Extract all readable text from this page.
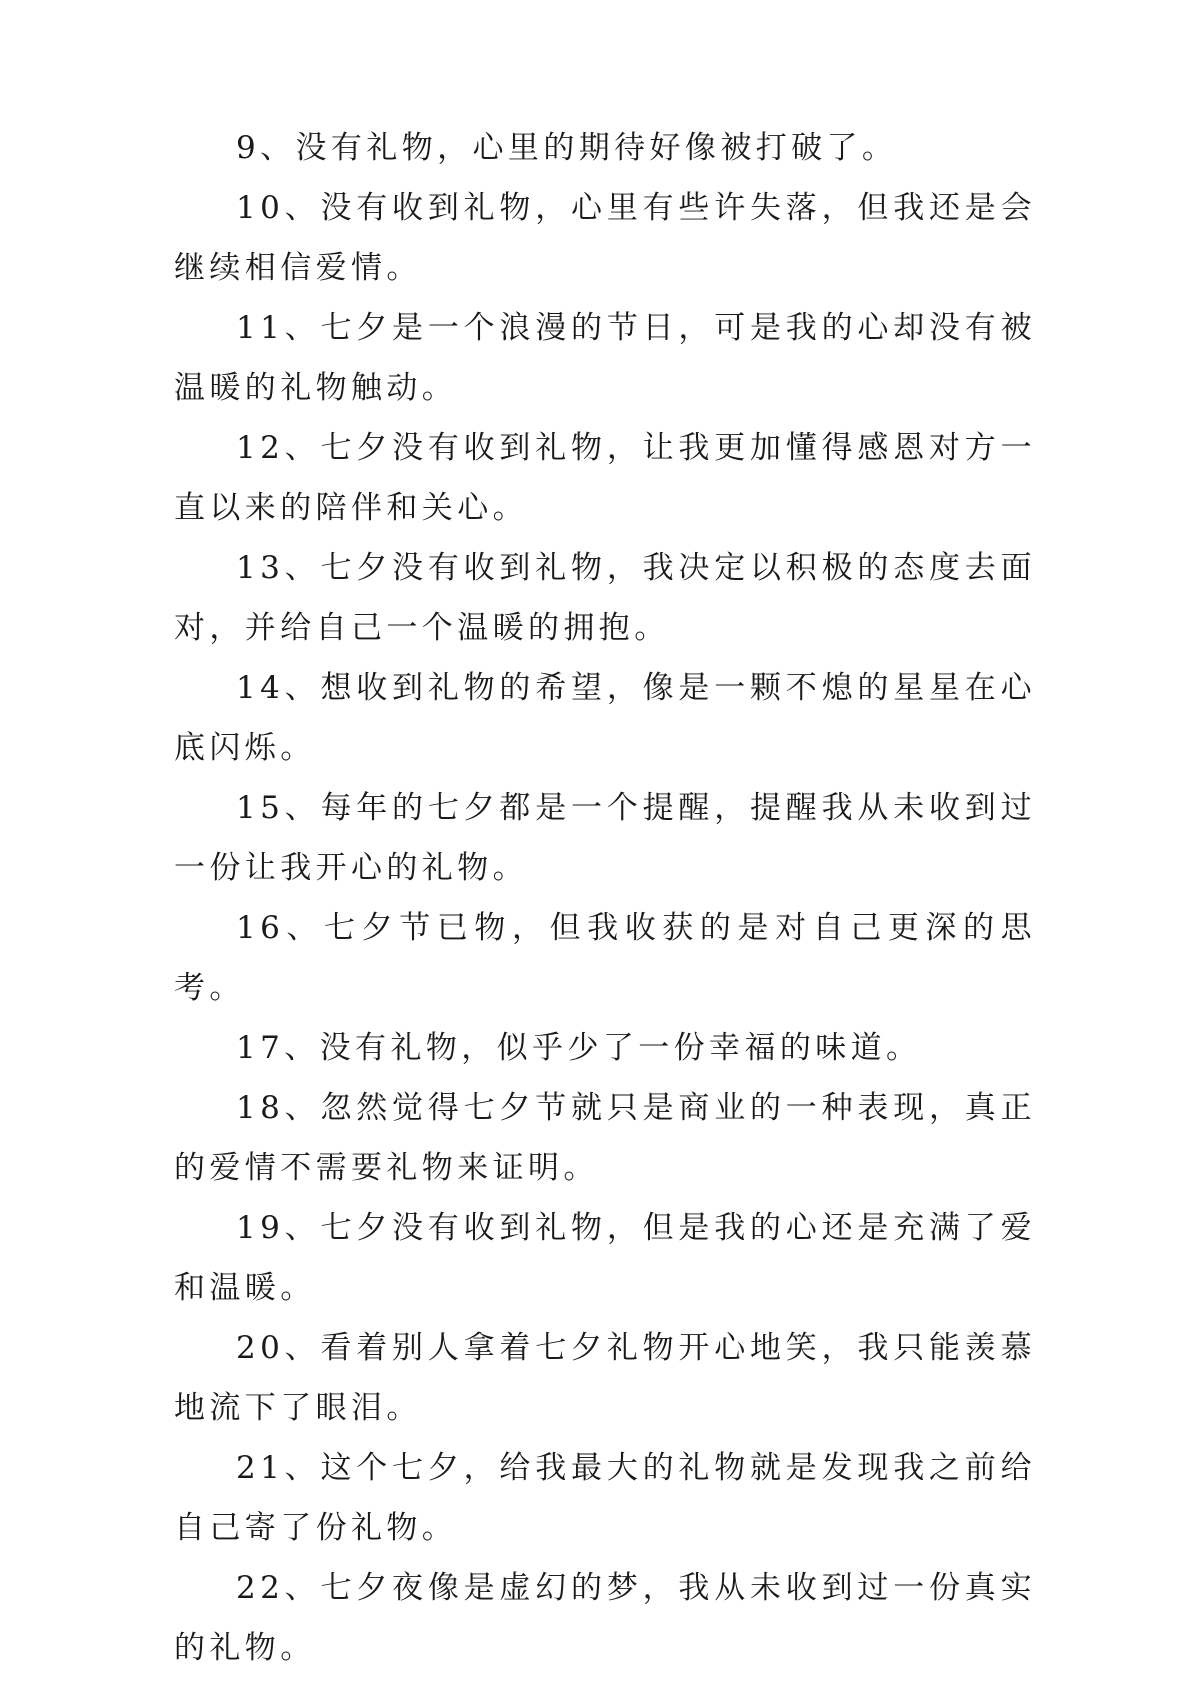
9、没有礼物，心里的期待好像被打破了。

10、没有收到礼物，心里有些许失落，但我还是会继续相信爱情。

11、七夕是一个浪漫的节日，可是我的心却没有被温暖的礼物触动。

12、七夕没有收到礼物，让我更加懂得感恩对方一直以来的陪伴和关心。

13、七夕没有收到礼物，我决定以积极的态度去面对，并给自己一个温暖的拥抱。

14、想收到礼物的希望，像是一颗不熄的星星在心底闪烁。

15、每年的七夕都是一个提醒，提醒我从未收到过一份让我开心的礼物。

16、七夕节已物，但我收获的是对自己更深的思考。

17、没有礼物，似乎少了一份幸福的味道。

18、忽然觉得七夕节就只是商业的一种表现，真正的爱情不需要礼物来证明。

19、七夕没有收到礼物，但是我的心还是充满了爱和温暖。

20、看着别人拿着七夕礼物开心地笑，我只能羡慕地流下了眼泪。

21、这个七夕，给我最大的礼物就是发现我之前给自己寄了份礼物。

22、七夕夜像是虚幻的梦，我从未收到过一份真实的礼物。
